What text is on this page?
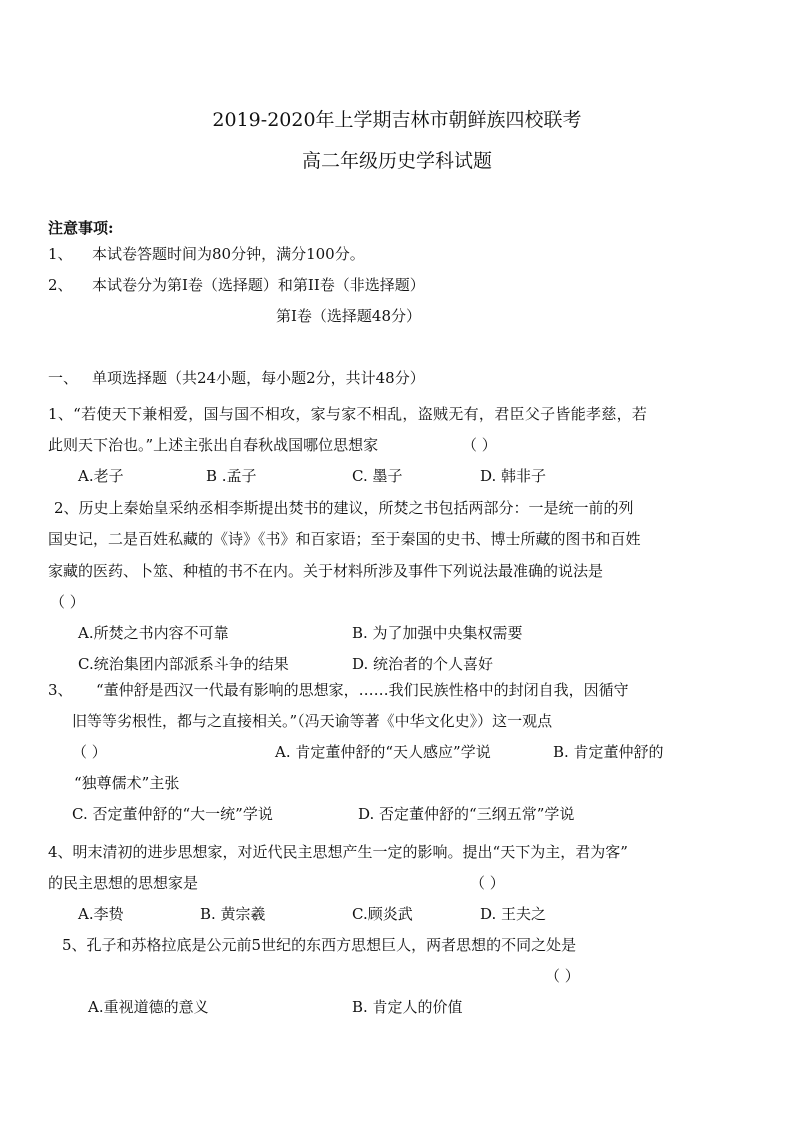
2019-2020年上学期吉林市朝鲜族四校联考
高二年级历史学科试题
注意事项:
1、 本试卷答题时间为80分钟，满分100分。
2、 本试卷分为第I卷（选择题）和第II卷（非选择题）
第I卷（选择题48分）
一、 单项选择题（共24小题，每小题2分，共计48分）
1、“若使天下兼相爱，国与国不相攻，家与家不相乱，盗贼无有，君臣父子皆能孝慈，若
此则天下治也。”上述主张出自春秋战国哪位思想家	（ ）
A.老子	B .孟子	C. 墨子	D. 韩非子
2、历史上秦始皇采纳丞相李斯提出焚书的建议，所焚之书包括两部分：一是统一前的列
国史记，二是百姓私藏的《诗》《书》和百家语；至于秦国的史书、博士所藏的图书和百姓
家藏的医药、卜筮、种植的书不在内。关于材料所涉及事件下列说法最准确的说法是
（ ）
A.所焚之书内容不可靠	B. 为了加强中央集权需要
C.统治集团内部派系斗争的结果	D. 统治者的个人喜好
3、 “董仲舒是西汉一代最有影响的思想家，……我们民族性格中的封闭自我，因循守
旧等等劣根性，都与之直接相关。”（冯天谕等著《中华文化史》）这一观点
（ ）	A. 肯定董仲舒的“天人感应”学说	B. 肯定董仲舒的
“独尊儒术”主张
C. 否定董仲舒的“大一统”学说	D. 否定董仲舒的“三纲五常”学说
4、明末清初的进步思想家，对近代民主思想产生一定的影响。提出“天下为主，君为客”
的民主思想的思想家是	（ ）
A.李贽	B. 黄宗羲	C.顾炎武	D. 王夫之
5、孔子和苏格拉底是公元前5世纪的东西方思想巨人，两者思想的不同之处是
（ ）
A.重视道德的意义	B. 肯定人的价值
